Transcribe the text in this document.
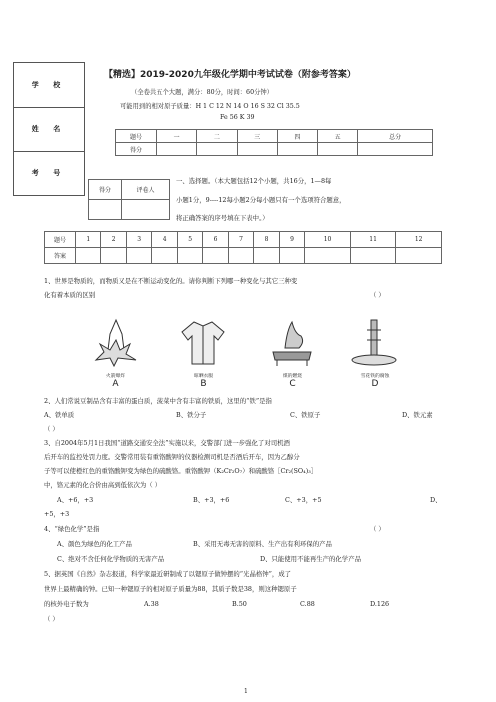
学 校
姓 名
考 号
【精选】2019-2020九年级化学期中考试试卷（附参考答案）
（全卷共五个大题，满分：80分，时间：60分钟）
可能用到的相对原子质量：H 1 C 12 N 14 O 16 S 32 Cl 35.5
Fe 56 K 39
题号	一	二	三	四	五	总分
得分						
得分	评卷人

一、选择题。（本大题包括12个小题，共16分，1—8每
小题1分，9----12每小题2分每小题只有一个选项符合题意，
将正确答案的序号填在下表中。）
题号	1	2	3	4	5	6	7	8	9	10	11	12
答案												
1、世界是物质的，而物质又是在不断运动变化的。请你判断下列哪一种变化与其它三种变
化有着本质的区别	（ ）
火箭爆炸
A
晾晒衣服
B
煤的燃烧
C
雪花铁的腐蚀
D
2、人们常说豆制品含有丰富的蛋白质，菠菜中含有丰富的铁质，这里的“铁”是指
A、铁单质	B、铁分子	C、铁原子	D、铁元素
（ ）
3、自2004年5月1日我国“道路交通安全法”实施以来，交警部门进一步强化了对司机酒
后开车的监控处罚力度。交警常用装有重铬酸钾的仪器检测司机是否酒后开车，因为乙醇分
子等可以使橙红色的重铬酸钾变为绿色的硫酸铬。重铬酸钾（K₂Cr₂O₇）和硫酸铬［Cr₂(SO₄)₃］
中，铬元素的化合价由高到低依次为（ ）
A、+6，+3	B、+3，+6	C、+3，+5	D、
+5，+3
4、“绿色化学”是指	（ ）
A、颜色为绿色的化工产品	B、采用无毒无害的原料、生产出有利环保的产品
C、绝对不含任何化学物质的无害产品	D、只能使用不能再生产的化学产品
5、据英国《自然》杂志报道，科学家最近研制成了以锶原子做钟摆的“光晶格钟”，成了
世界上最精确的钟。已知一种锶原子的相对原子质量为88，其质子数是38，则这种锶原子
的核外电子数为	A.38	B.50	C.88	D.126
（ ）
1
